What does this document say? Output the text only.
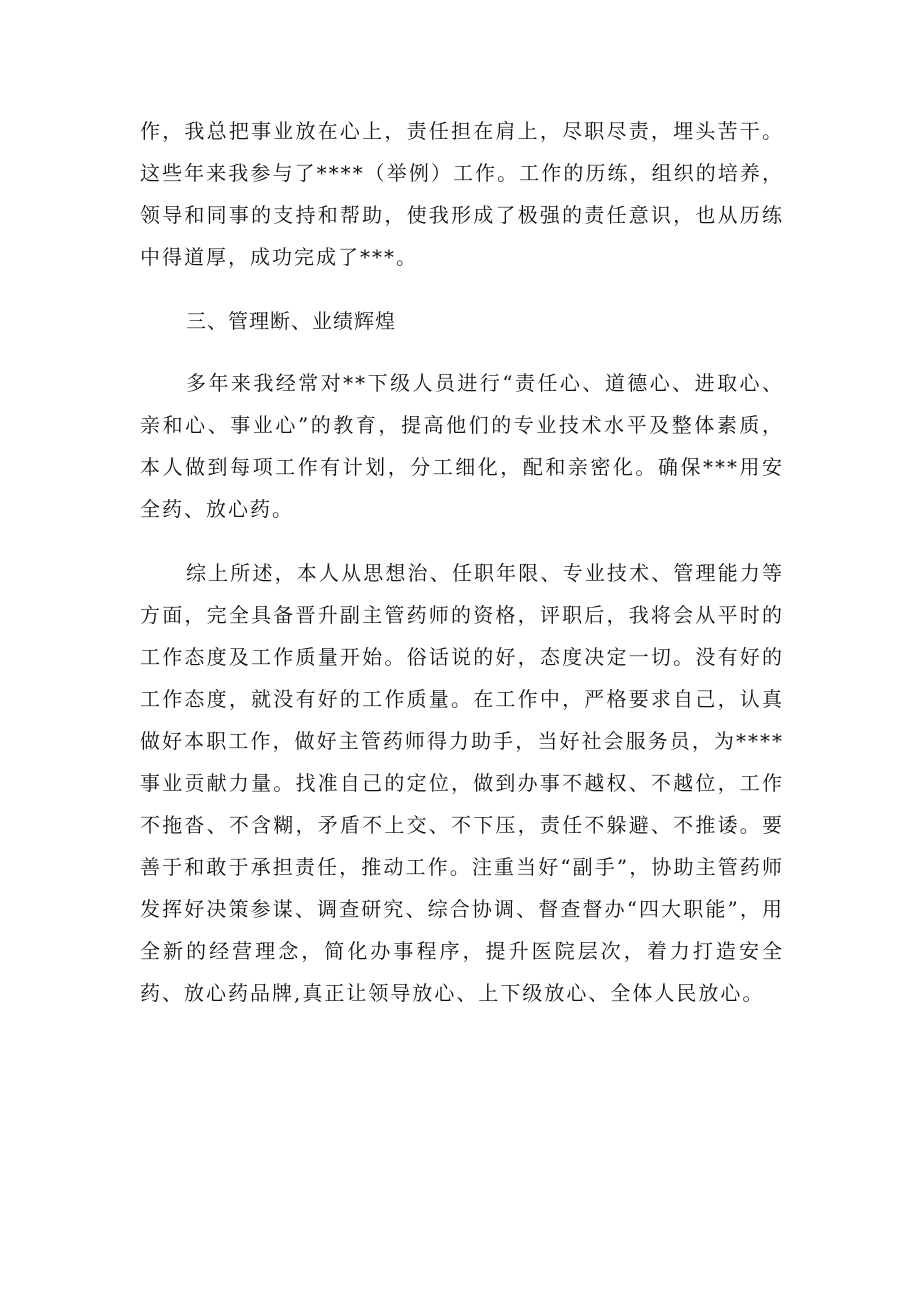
作，我总把事业放在心上，责任担在肩上，尽职尽责，埋头苦干。这些年来我参与了****（举例）工作。工作的历练，组织的培养，领导和同事的支持和帮助，使我形成了极强的责任意识，也从历练中得道厚，成功完成了***。

三、管理断、业绩辉煌

多年来我经常对**下级人员进行“责任心、道德心、进取心、亲和心、事业心”的教育，提高他们的专业技术水平及整体素质，本人做到每项工作有计划，分工细化，配和亲密化。确保***用安全药、放心药。

综上所述，本人从思想治、任职年限、专业技术、管理能力等方面，完全具备晋升副主管药师的资格，评职后，我将会从平时的工作态度及工作质量开始。俗话说的好，态度决定一切。没有好的工作态度，就没有好的工作质量。在工作中，严格要求自己，认真做好本职工作，做好主管药师得力助手，当好社会服务员，为****事业贡献力量。找准自己的定位，做到办事不越权、不越位，工作不拖沓、不含糊，矛盾不上交、不下压，责任不躲避、不推诿。要善于和敢于承担责任，推动工作。注重当好“副手”，协助主管药师发挥好决策参谋、调查研究、综合协调、督查督办“四大职能”，用全新的经营理念，简化办事程序，提升医院层次，着力打造安全药、放心药品牌,真正让领导放心、上下级放心、全体人民放心。
